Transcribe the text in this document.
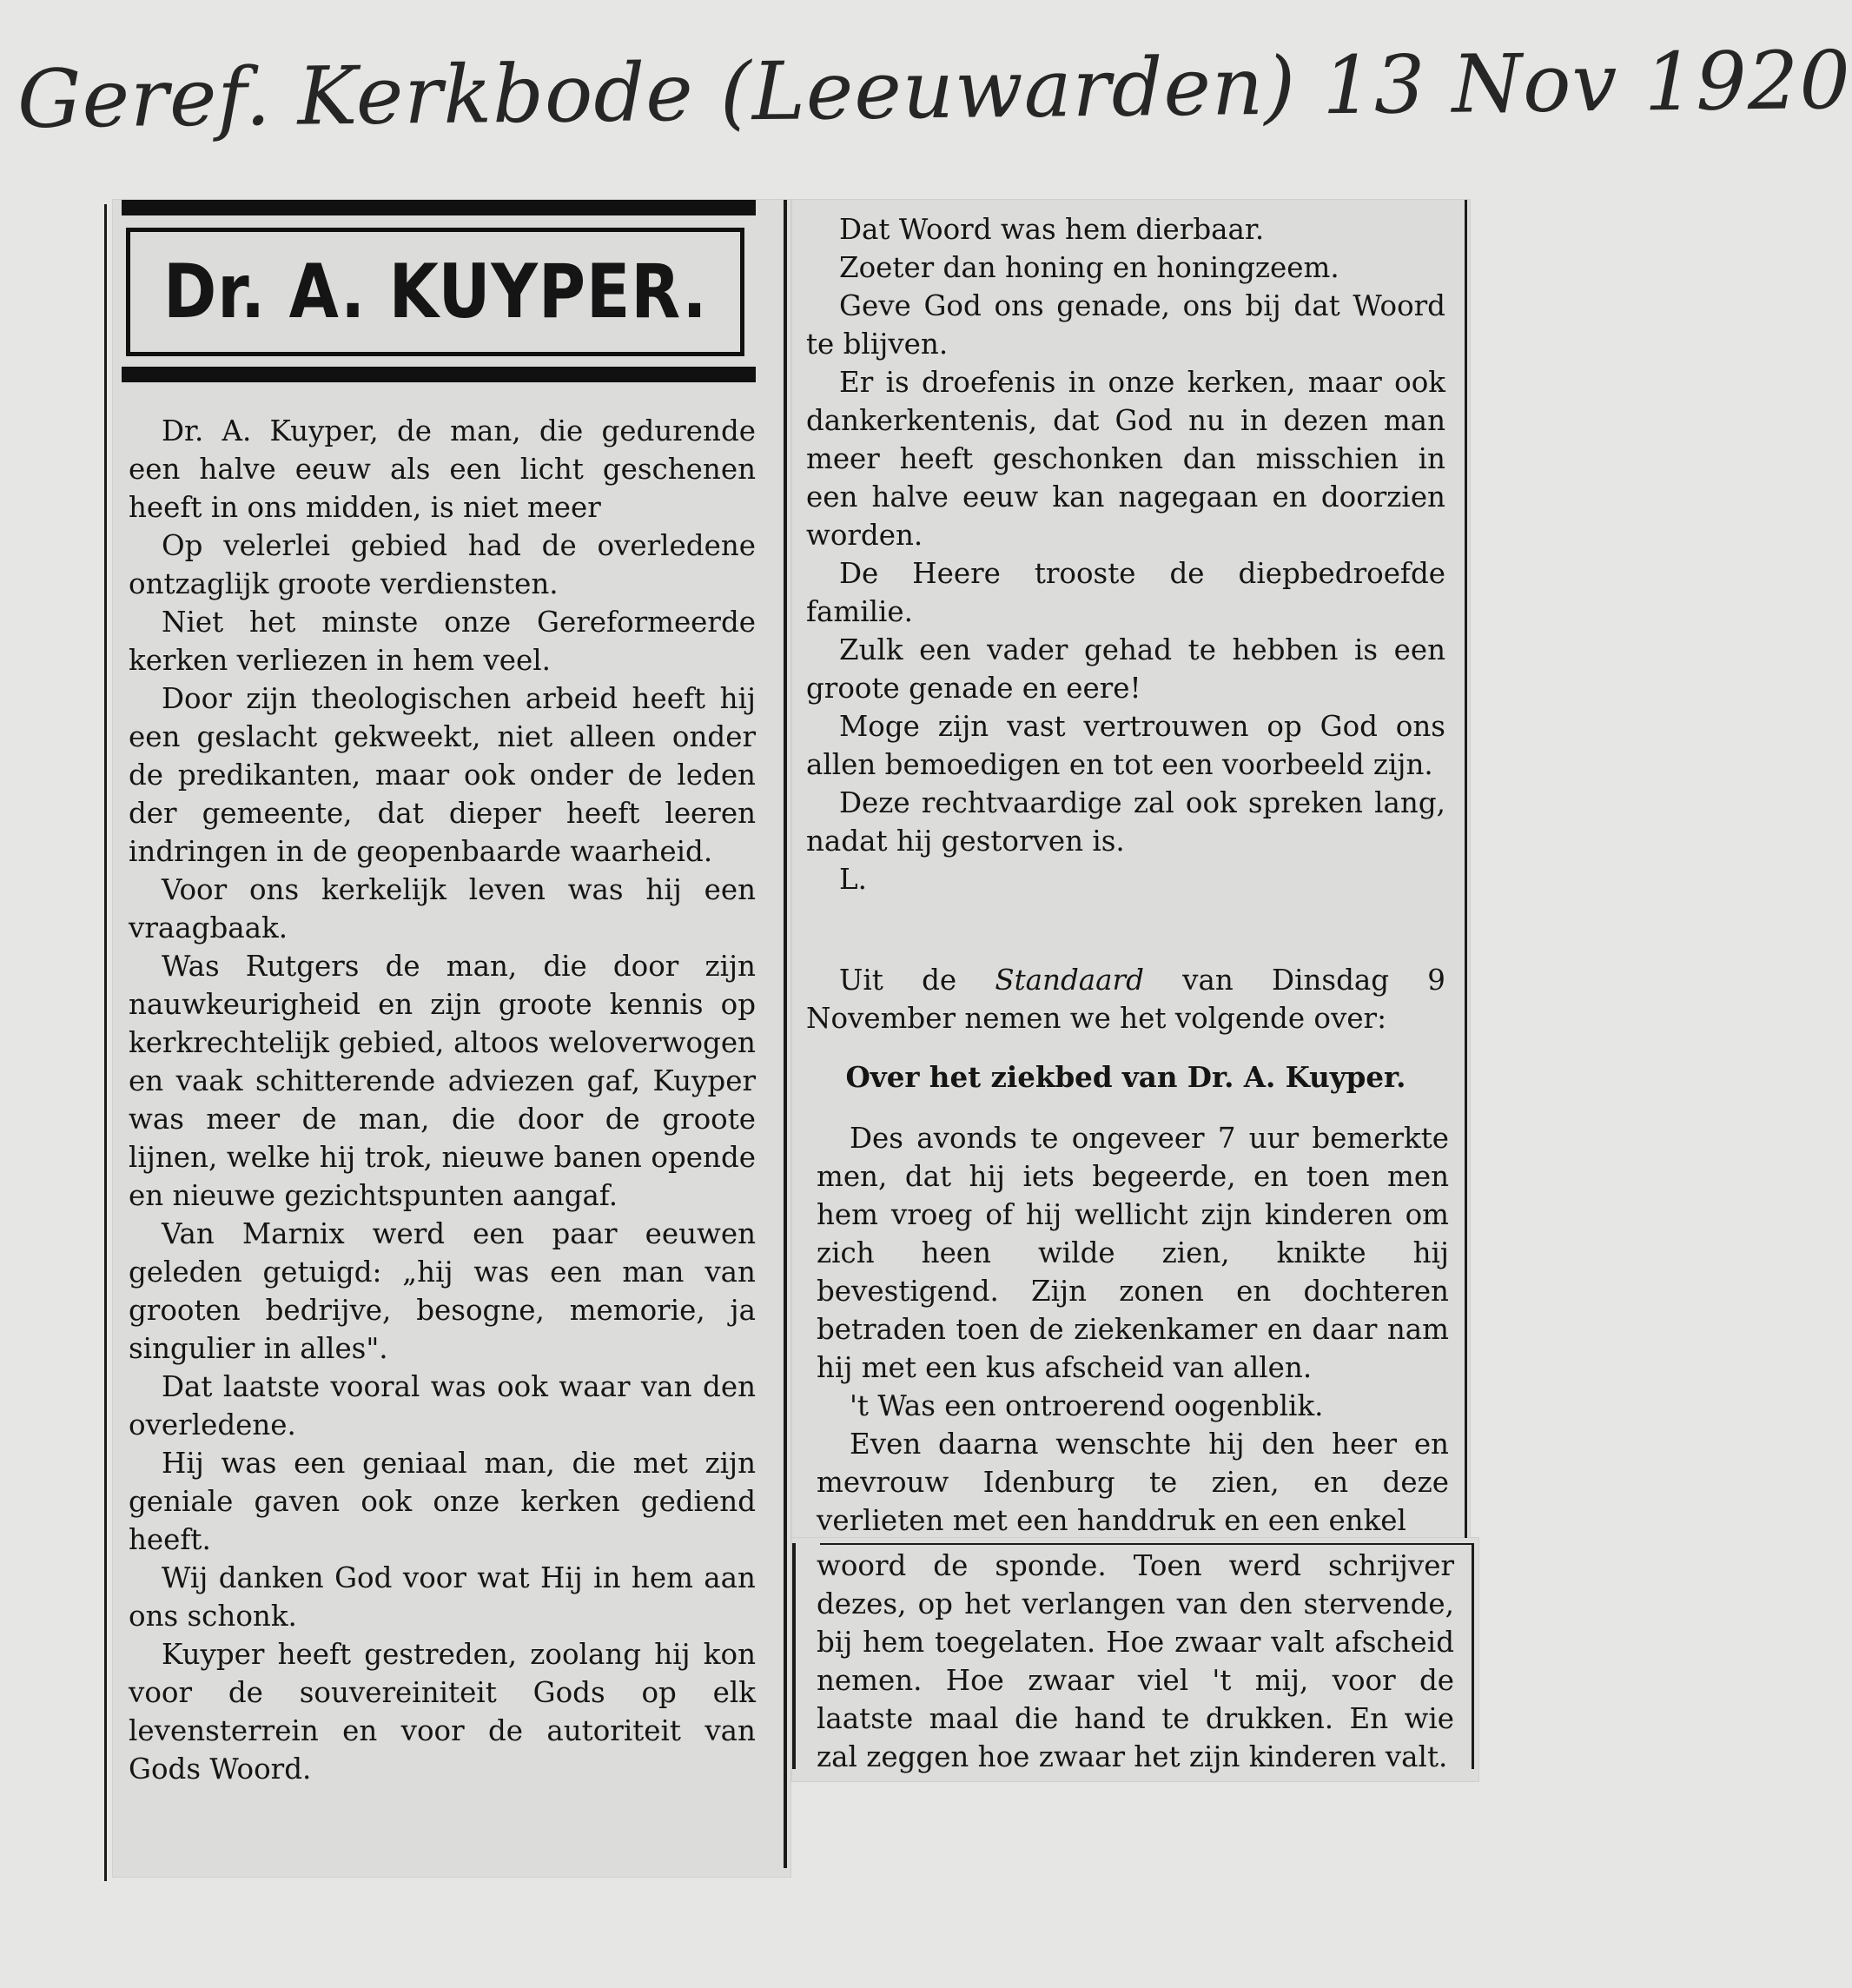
Geref. Kerkbode (Leeuwarden) 13 Nov 1920

Dr. A. KUYPER.

Dr. A. Kuyper, de man, die gedurende een halve eeuw als een licht geschenen heeft in ons midden, is niet meer

Op velerlei gebied had de overledene ontzaglijk groote verdiensten.

Niet het minste onze Gereformeerde kerken verliezen in hem veel.

Door zijn theologischen arbeid heeft hij een geslacht gekweekt, niet alleen onder de predikanten, maar ook onder de leden der gemeente, dat dieper heeft leeren indringen in de geopenbaarde waarheid.

Voor ons kerkelijk leven was hij een vraagbaak.

Was Rutgers de man, die door zijn nauwkeurigheid en zijn groote kennis op kerkrechtelijk gebied, altoos weloverwogen en vaak schitterende adviezen gaf, Kuyper was meer de man, die door de groote lijnen, welke hij trok, nieuwe banen opende en nieuwe gezichtspunten aangaf.

Van Marnix werd een paar eeuwen geleden getuigd: „hij was een man van grooten bedrijve, besogne, memorie, ja singulier in alles".

Dat laatste vooral was ook waar van den overledene.

Hij was een geniaal man, die met zijn geniale gaven ook onze kerken gediend heeft.

Wij danken God voor wat Hij in hem aan ons schonk.

Kuyper heeft gestreden, zoolang hij kon voor de souvereiniteit Gods op elk levensterrein en voor de autoriteit van Gods Woord.

Dat Woord was hem dierbaar.

Zoeter dan honing en honingzeem.

Geve God ons genade, ons bij dat Woord te blijven.

Er is droefenis in onze kerken, maar ook dankerkentenis, dat God nu in dezen man meer heeft geschonken dan misschien in een halve eeuw kan nagegaan en doorzien worden.

De Heere trooste de diepbedroefde familie.

Zulk een vader gehad te hebben is een groote genade en eere!

Moge zijn vast vertrouwen op God ons allen bemoedigen en tot een voorbeeld zijn.

Deze rechtvaardige zal ook spreken lang, nadat hij gestorven is.

L.

Uit de Standaard van Dinsdag 9 November nemen we het volgende over:

Over het ziekbed van Dr. A. Kuyper.

Des avonds te ongeveer 7 uur bemerkte men, dat hij iets begeerde, en toen men hem vroeg of hij wellicht zijn kinderen om zich heen wilde zien, knikte hij bevestigend. Zijn zonen en dochteren betraden toen de ziekenkamer en daar nam hij met een kus afscheid van allen.

't Was een ontroerend oogenblik.

Even daarna wenschte hij den heer en mevrouw Idenburg te zien, en deze verlieten met een handdruk en een enkel

woord de sponde. Toen werd schrijver dezes, op het verlangen van den stervende, bij hem toegelaten. Hoe zwaar valt afscheid nemen. Hoe zwaar viel 't mij, voor de laatste maal die hand te drukken. En wie zal zeggen hoe zwaar het zijn kinderen valt.
